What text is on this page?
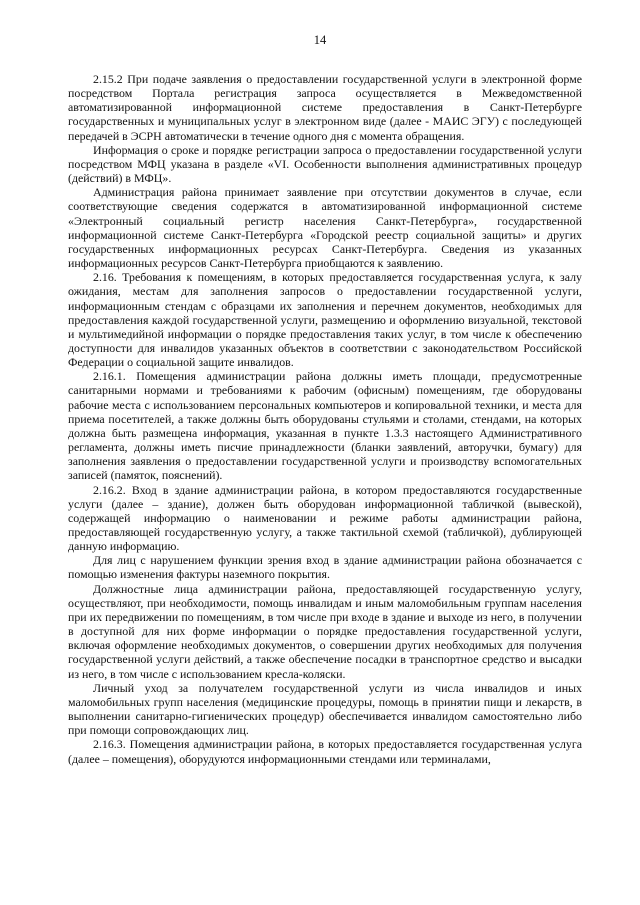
14

2.15.2 При подаче заявления о предоставлении государственной услуги в электронной форме посредством Портала регистрация запроса осуществляется в Межведомственной автоматизированной информационной системе предоставления в Санкт-Петербурге государственных и муниципальных услуг в электронном виде (далее - МАИС ЭГУ) с последующей передачей в ЭСРН автоматически в течение одного дня с момента обращения.

Информация о сроке и порядке регистрации запроса о предоставлении государственной услуги посредством МФЦ указана в разделе «VI. Особенности выполнения административных процедур (действий) в МФЦ».

Администрация района принимает заявление при отсутствии документов в случае, если соответствующие сведения содержатся в автоматизированной информационной системе «Электронный социальный регистр населения Санкт-Петербурга», государственной информационной системе Санкт-Петербурга «Городской реестр социальной защиты» и других государственных информационных ресурсах Санкт-Петербурга. Сведения из указанных информационных ресурсов Санкт-Петербурга приобщаются к заявлению.

2.16. Требования к помещениям, в которых предоставляется государственная услуга, к залу ожидания, местам для заполнения запросов о предоставлении государственной услуги, информационным стендам с образцами их заполнения и перечнем документов, необходимых для предоставления каждой государственной услуги, размещению и оформлению визуальной, текстовой и мультимедийной информации о порядке предоставления таких услуг, в том числе к обеспечению доступности для инвалидов указанных объектов в соответствии с законодательством Российской Федерации о социальной защите инвалидов.

2.16.1. Помещения администрации района должны иметь площади, предусмотренные санитарными нормами и требованиями к рабочим (офисным) помещениям, где оборудованы рабочие места с использованием персональных компьютеров и копировальной техники, и места для приема посетителей, а также должны быть оборудованы стульями и столами, стендами, на которых должна быть размещена информация, указанная в пункте 1.3.3 настоящего Административного регламента, должны иметь писчие принадлежности (бланки заявлений, авторучки, бумагу) для заполнения заявления о предоставлении государственной услуги и производству вспомогательных записей (памяток, пояснений).

2.16.2. Вход в здание администрации района, в котором предоставляются государственные услуги (далее – здание), должен быть оборудован информационной табличкой (вывеской), содержащей информацию о наименовании и режиме работы администрации района, предоставляющей государственную услугу, а также тактильной схемой (табличкой), дублирующей данную информацию.

Для лиц с нарушением функции зрения вход в здание администрации района обозначается с помощью изменения фактуры наземного покрытия.

Должностные лица администрации района, предоставляющей государственную услугу, осуществляют, при необходимости, помощь инвалидам и иным маломобильным группам населения при их передвижении по помещениям, в том числе при входе в здание и выходе из него, в получении в доступной для них форме информации о порядке предоставления государственной услуги, включая оформление необходимых документов, о совершении других необходимых для получения государственной услуги действий, а также обеспечение посадки в транспортное средство и высадки из него, в том числе с использованием кресла-коляски.

Личный уход за получателем государственной услуги из числа инвалидов и иных маломобильных групп населения (медицинские процедуры, помощь в принятии пищи и лекарств, в выполнении санитарно-гигиенических процедур) обеспечивается инвалидом самостоятельно либо при помощи сопровождающих лиц.

2.16.3. Помещения администрации района, в которых предоставляется государственная услуга (далее – помещения), оборудуются информационными стендами или терминалами,
